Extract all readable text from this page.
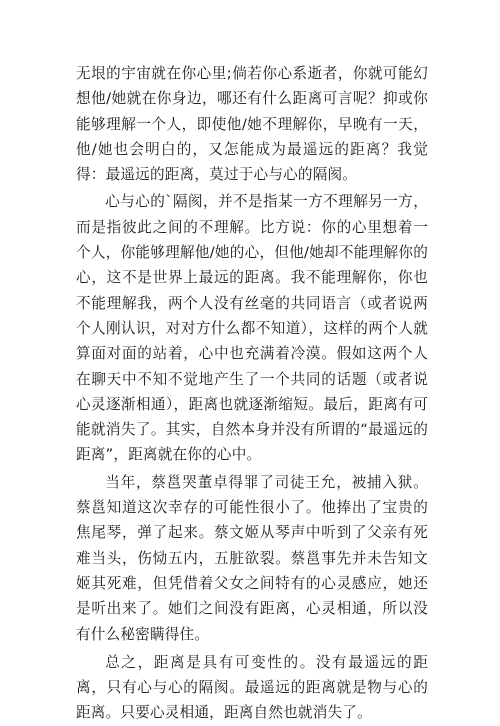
无垠的宇宙就在你心里;倘若你心系逝者，你就可能幻想他/她就在你身边，哪还有什么距离可言呢？抑或你能够理解一个人，即使他/她不理解你，早晚有一天，他/她也会明白的，又怎能成为最遥远的距离？我觉得：最遥远的距离，莫过于心与心的隔阂。

心与心的`隔阂，并不是指某一方不理解另一方，而是指彼此之间的不理解。比方说：你的心里想着一个人，你能够理解他/她的心，但他/她却不能理解你的心，这不是世界上最远的距离。我不能理解你，你也不能理解我，两个人没有丝毫的共同语言（或者说两个人刚认识，对对方什么都不知道），这样的两个人就算面对面的站着，心中也充满着冷漠。假如这两个人在聊天中不知不觉地产生了一个共同的话题（或者说心灵逐渐相通），距离也就逐渐缩短。最后，距离有可能就消失了。其实，自然本身并没有所谓的“最遥远的距离”，距离就在你的心中。

当年，蔡邕哭董卓得罪了司徒王允，被捕入狱。蔡邕知道这次幸存的可能性很小了。他捧出了宝贵的焦尾琴，弹了起来。蔡文姬从琴声中听到了父亲有死难当头，伤恸五内，五脏欲裂。蔡邕事先并未告知文姬其死难，但凭借着父女之间特有的心灵感应，她还是听出来了。她们之间没有距离，心灵相通，所以没有什么秘密瞒得住。

总之，距离是具有可变性的。没有最遥远的距离，只有心与心的隔阂。最遥远的距离就是物与心的距离。只要心灵相通，距离自然也就消失了。
